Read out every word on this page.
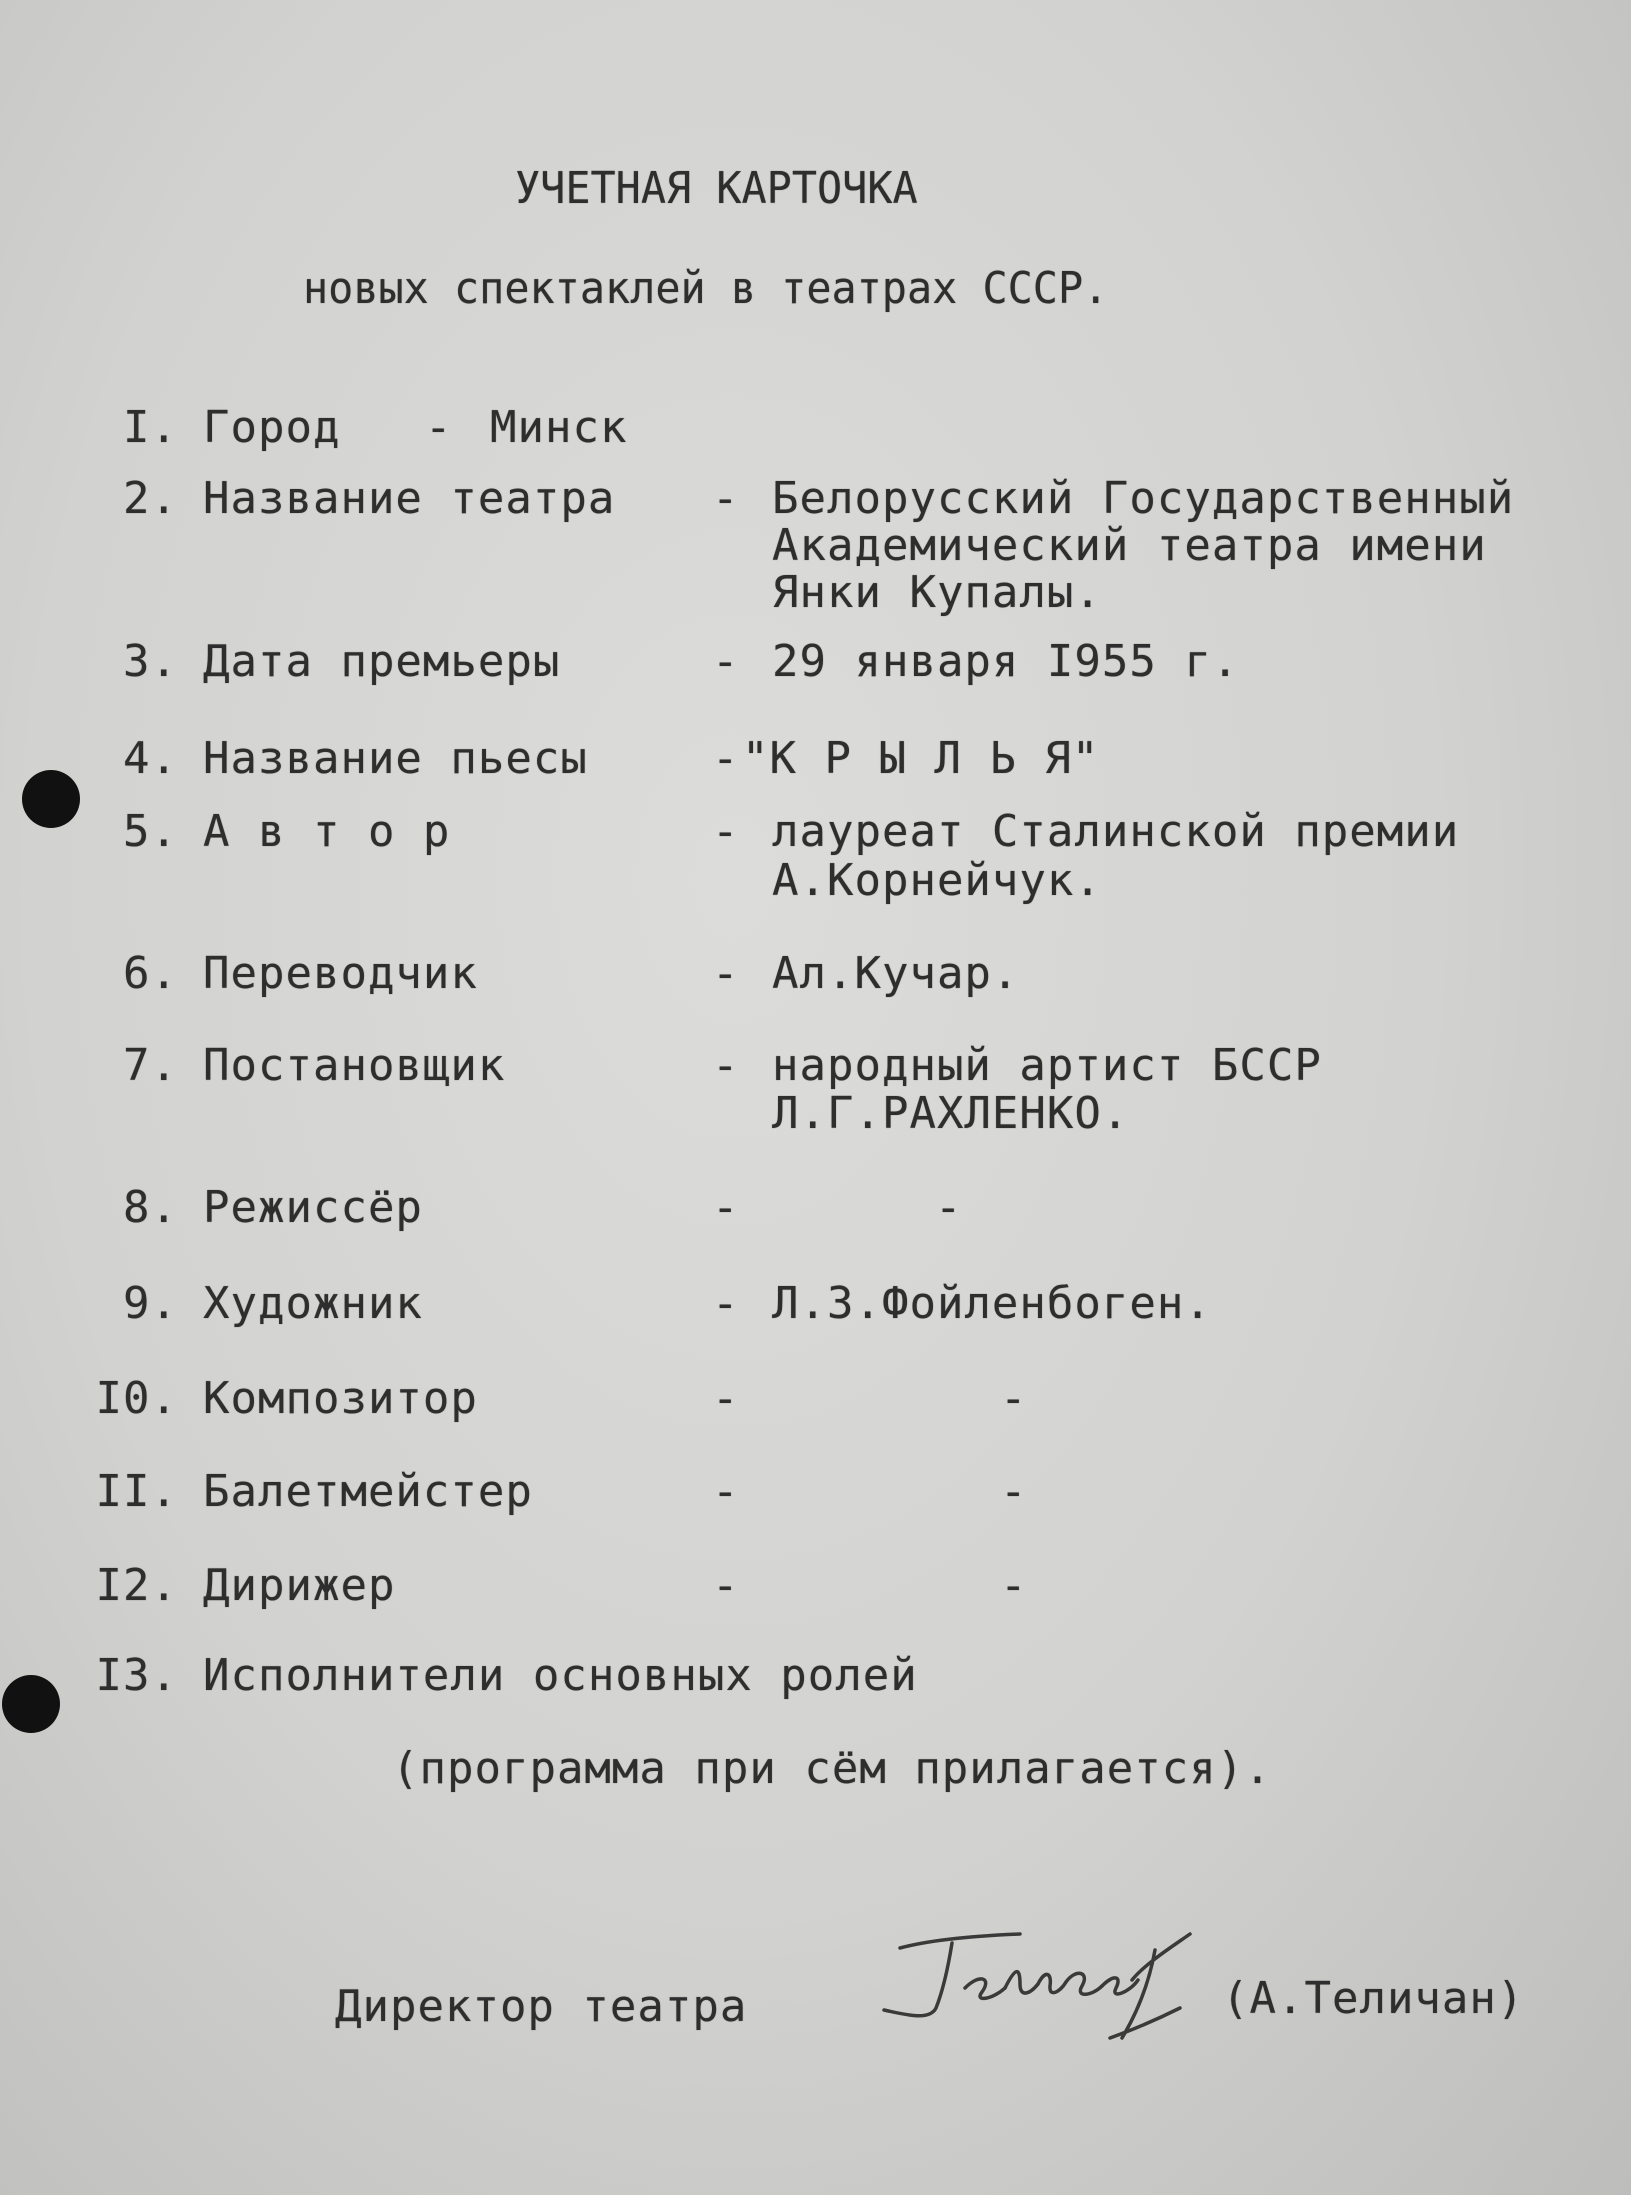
УЧЕТНАЯ КАРТОЧКА
новых спектаклей в театрах СССР.
I. Город - Минск
2. Название театра - Белорусский Государственный
Академический театра имени
Янки Купалы.
3. Дата премьеры	- 29 января I955 г.
4. Название пьесы	- "К Р Ы Л Ь Я"
5. А в т о р	- лауреат Сталинской премии
А.Корнейчук.
6. Переводчик	- Ал.Кучар.
7. Постановщик	- народный артист БССР
Л.Г.РАХЛЕНКО.
8. Режиссёр	-	-
9. Художник	- Л.З.Фойленбоген.
I0. Композитор	-	-
II. Балетмейстер	-	-
I2. Дирижер	-	-
I3. Исполнители основных ролей
(программа при сём прилагается).
Директор театра	(А.Теличан)
